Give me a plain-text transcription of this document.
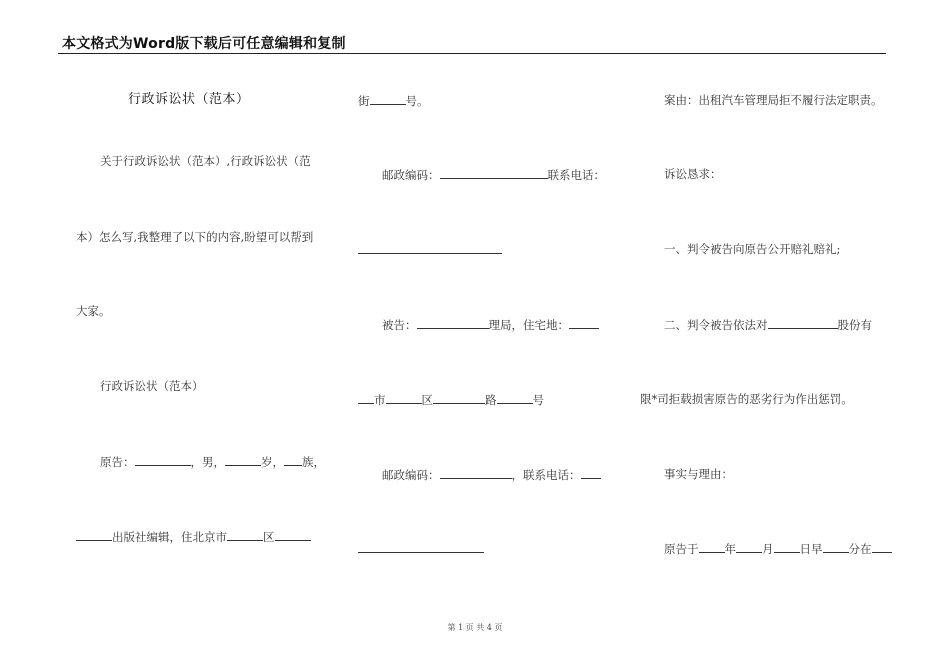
本文格式为Word版下载后可任意编辑和复制
行政诉讼状（范本）
关于行政诉讼状（范本）,行政诉讼状（范
本）怎么写,我整理了以下的内容,盼望可以帮到
大家。
行政诉讼状（范本）
原告：	，男，	岁， 族，
出版社编辑，住北京市	区
街	号。
邮政编码：	联系电话：
被告：	理局，住宅地：
市	区	路	号
邮政编码：	，联系电话：
案由：出租汽车管理局拒不履行法定职责。
诉讼恳求：
一、判令被告向原告公开赔礼赔礼;
二、判令被告依法对	股份有
限*司拒载损害原告的恶劣行为作出惩罚。
事实与理由：
原告于 年 月 日早 分在
第 1 页 共 4 页
